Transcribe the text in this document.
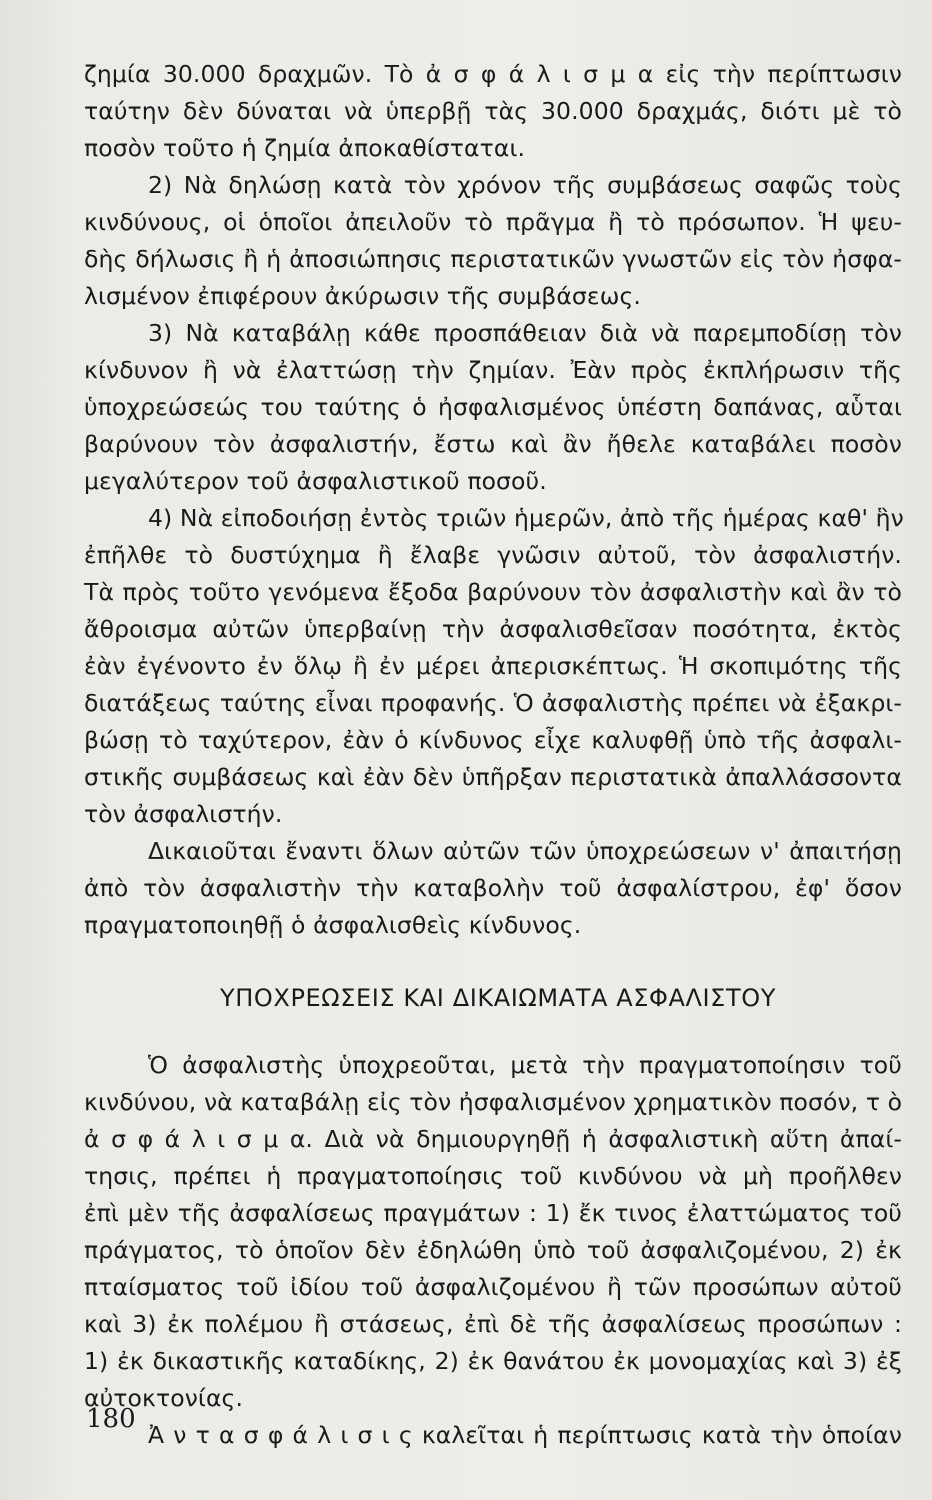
ζημία 30.000 δραχμῶν. Τὸ ἀ σ φ ά λ ι σ μ α εἰς τὴν περίπτωσιν
ταύτην δὲν δύναται νὰ ὑπερβῇ τὰς 30.000 δραχμάς, διότι μὲ τὸ
ποσὸν τοῦτο ἡ ζημία ἀποκαθίσταται.
2) Νὰ δηλώσῃ κατὰ τὸν χρόνον τῆς συμβάσεως σαφῶς τοὺς
κινδύνους, οἱ ὁποῖοι ἀπειλοῦν τὸ πρᾶγμα ἢ τὸ πρόσωπον. Ἡ ψευ-
δὴς δήλωσις ἢ ἡ ἀποσιώπησις περιστατικῶν γνωστῶν εἰς τὸν ἠσφα-
λισμένον ἐπιφέρουν ἀκύρωσιν τῆς συμβάσεως.
3) Νὰ καταβάλῃ κάθε προσπάθειαν διὰ νὰ παρεμποδίσῃ τὸν
κίνδυνον ἢ νὰ ἐλαττώσῃ τὴν ζημίαν. Ἐὰν πρὸς ἐκπλήρωσιν τῆς
ὑποχρεώσεώς του ταύτης ὁ ἠσφαλισμένος ὑπέστη δαπάνας, αὗται
βαρύνουν τὸν ἀσφαλιστήν, ἔστω καὶ ἂν ἤθελε καταβάλει ποσὸν
μεγαλύτερον τοῦ ἀσφαλιστικοῦ ποσοῦ.
4) Νὰ εἰποδοιήσῃ ἐντὸς τριῶν ἡμερῶν, ἀπὸ τῆς ἡμέρας καθ' ἣν
ἐπῆλθε τὸ δυστύχημα ἢ ἔλαβε γνῶσιν αὐτοῦ, τὸν ἀσφαλιστήν.
Τὰ πρὸς τοῦτο γενόμενα ἔξοδα βαρύνουν τὸν ἀσφαλιστὴν καὶ ἂν τὸ
ἄθροισμα αὐτῶν ὑπερβαίνῃ τὴν ἀσφαλισθεῖσαν ποσότητα, ἐκτὸς
ἐὰν ἐγένοντο ἐν ὅλῳ ἢ ἐν μέρει ἀπερισκέπτως. Ἡ σκοπιμότης τῆς
διατάξεως ταύτης εἶναι προφανής. Ὁ ἀσφαλιστὴς πρέπει νὰ ἐξακρι-
βώσῃ τὸ ταχύτερον, ἐὰν ὁ κίνδυνος εἶχε καλυφθῇ ὑπὸ τῆς ἀσφαλι-
στικῆς συμβάσεως καὶ ἐὰν δὲν ὑπῆρξαν περιστατικὰ ἀπαλλάσσοντα
τὸν ἀσφαλιστήν.
Δικαιοῦται ἔναντι ὅλων αὐτῶν τῶν ὑποχρεώσεων ν' ἀπαιτήσῃ
ἀπὸ τὸν ἀσφαλιστὴν τὴν καταβολὴν τοῦ ἀσφαλίστρου, ἐφ' ὅσον
πραγματοποιηθῇ ὁ ἀσφαλισθεὶς κίνδυνος.
ΥΠΟΧΡΕΩΣΕΙΣ ΚΑΙ ΔΙΚΑΙΩΜΑΤΑ ΑΣΦΑΛΙΣΤΟΥ
Ὁ ἀσφαλιστὴς ὑποχρεοῦται, μετὰ τὴν πραγματοποίησιν τοῦ
κινδύνου, νὰ καταβάλῃ εἰς τὸν ἠσφαλισμένον χρηματικὸν ποσόν, τ ὸ
ἀ σ φ ά λ ι σ μ α. Διὰ νὰ δημιουργηθῇ ἡ ἀσφαλιστικὴ αὕτη ἀπαί-
τησις, πρέπει ἡ πραγματοποίησις τοῦ κινδύνου νὰ μὴ προῆλθεν
ἐπὶ μὲν τῆς ἀσφαλίσεως πραγμάτων : 1) ἔκ τινος ἐλαττώματος τοῦ
πράγματος, τὸ ὁποῖον δὲν ἐδηλώθη ὑπὸ τοῦ ἀσφαλιζομένου, 2) ἐκ
πταίσματος τοῦ ἰδίου τοῦ ἀσφαλιζομένου ἢ τῶν προσώπων αὐτοῦ
καὶ 3) ἐκ πολέμου ἢ στάσεως, ἐπὶ δὲ τῆς ἀσφαλίσεως προσώπων :
1) ἐκ δικαστικῆς καταδίκης, 2) ἐκ θανάτου ἐκ μονομαχίας καὶ 3) ἐξ
αὐτοκτονίας.
Ἀ ν τ α σ φ ά λ ι σ ι ς καλεῖται ἡ περίπτωσις κατὰ τὴν ὁποίαν
180
